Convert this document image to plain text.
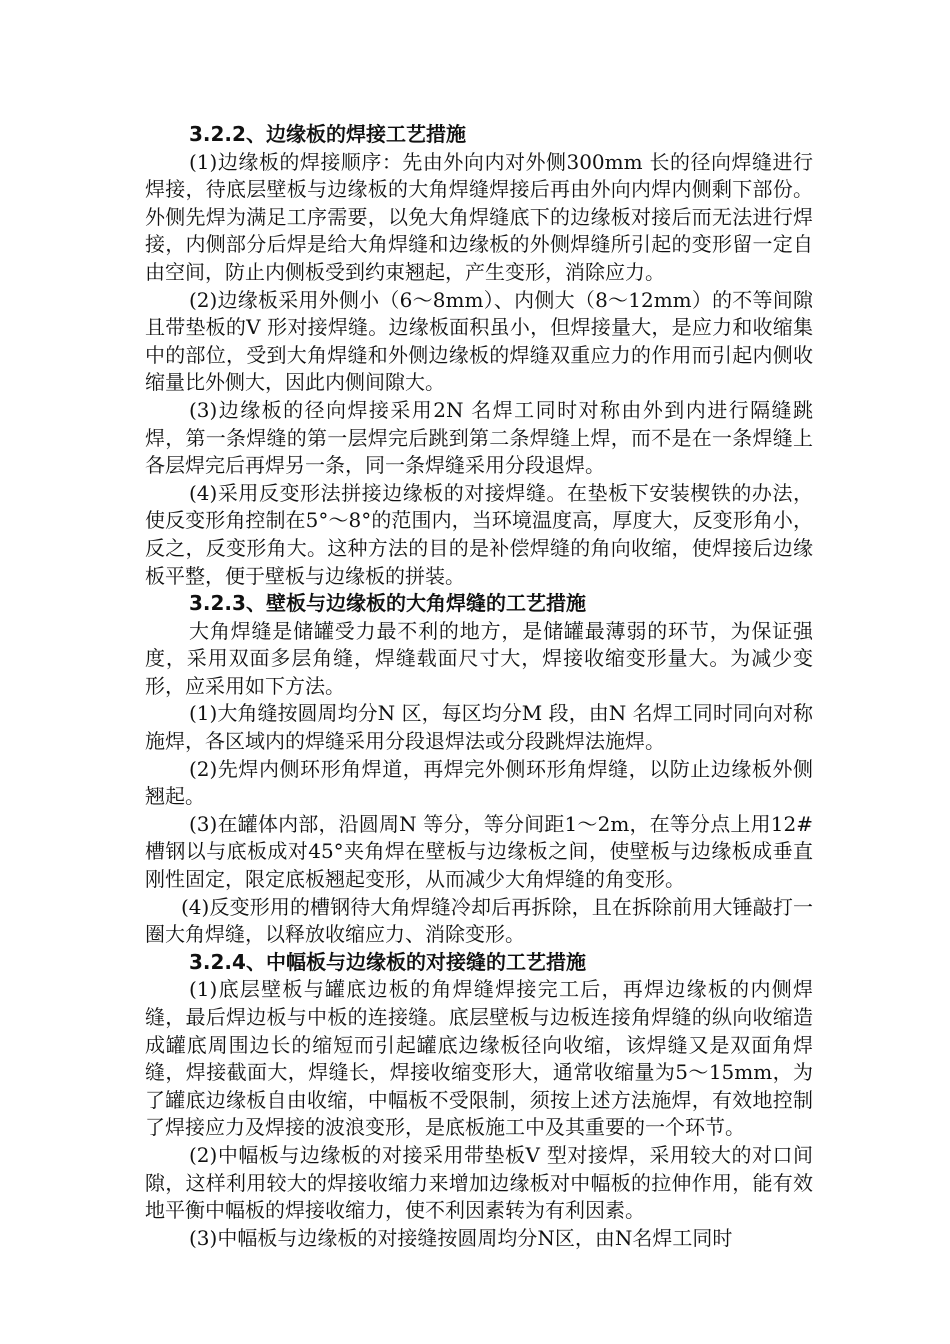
3.2.2、边缘板的焊接工艺措施

(1)边缘板的焊接顺序：先由外向内对外侧300mm 长的径向焊缝进行焊接，待底层壁板与边缘板的大角焊缝焊接后再由外向内焊内侧剩下部份。外侧先焊为满足工序需要，以免大角焊缝底下的边缘板对接后而无法进行焊接，内侧部分后焊是给大角焊缝和边缘板的外侧焊缝所引起的变形留一定自由空间，防止内侧板受到约束翘起，产生变形，消除应力。

(2)边缘板采用外侧小（6～8mm）、内侧大（8～12mm）的不等间隙且带垫板的V 形对接焊缝。边缘板面积虽小，但焊接量大，是应力和收缩集中的部位，受到大角焊缝和外侧边缘板的焊缝双重应力的作用而引起内侧收缩量比外侧大，因此内侧间隙大。

(3)边缘板的径向焊接采用2N 名焊工同时对称由外到内进行隔缝跳焊，第一条焊缝的第一层焊完后跳到第二条焊缝上焊，而不是在一条焊缝上各层焊完后再焊另一条，同一条焊缝采用分段退焊。

(4)采用反变形法拼接边缘板的对接焊缝。在垫板下安装楔铁的办法，使反变形角控制在5°～8°的范围内，当环境温度高，厚度大，反变形角小，反之，反变形角大。这种方法的目的是补偿焊缝的角向收缩，使焊接后边缘板平整，便于壁板与边缘板的拼装。

3.2.3、壁板与边缘板的大角焊缝的工艺措施

大角焊缝是储罐受力最不利的地方，是储罐最薄弱的环节，为保证强度，采用双面多层角缝，焊缝载面尺寸大，焊接收缩变形量大。为减少变形，应采用如下方法。

(1)大角缝按圆周均分N 区，每区均分M 段，由N 名焊工同时同向对称施焊，各区域内的焊缝采用分段退焊法或分段跳焊法施焊。

(2)先焊内侧环形角焊道，再焊完外侧环形角焊缝，以防止边缘板外侧翘起。

(3)在罐体内部，沿圆周N 等分，等分间距1～2m，在等分点上用12#槽钢以与底板成对45°夹角焊在壁板与边缘板之间，使壁板与边缘板成垂直刚性固定，限定底板翘起变形，从而减少大角焊缝的角变形。

(4)反变形用的槽钢待大角焊缝冷却后再拆除，且在拆除前用大锤敲打一圈大角焊缝，以释放收缩应力、消除变形。

3.2.4、中幅板与边缘板的对接缝的工艺措施

(1)底层壁板与罐底边板的角焊缝焊接完工后，再焊边缘板的内侧焊缝，最后焊边板与中板的连接缝。底层壁板与边板连接角焊缝的纵向收缩造成罐底周围边长的缩短而引起罐底边缘板径向收缩，该焊缝又是双面角焊缝，焊接截面大，焊缝长，焊接收缩变形大，通常收缩量为5～15mm，为了罐底边缘板自由收缩，中幅板不受限制，须按上述方法施焊，有效地控制了焊接应力及焊接的波浪变形，是底板施工中及其重要的一个环节。

(2)中幅板与边缘板的对接采用带垫板V 型对接焊，采用较大的对口间隙，这样利用较大的焊接收缩力来增加边缘板对中幅板的拉伸作用，能有效地平衡中幅板的焊接收缩力，使不利因素转为有利因素。

(3)中幅板与边缘板的对接缝按圆周均分N区，由N名焊工同时
